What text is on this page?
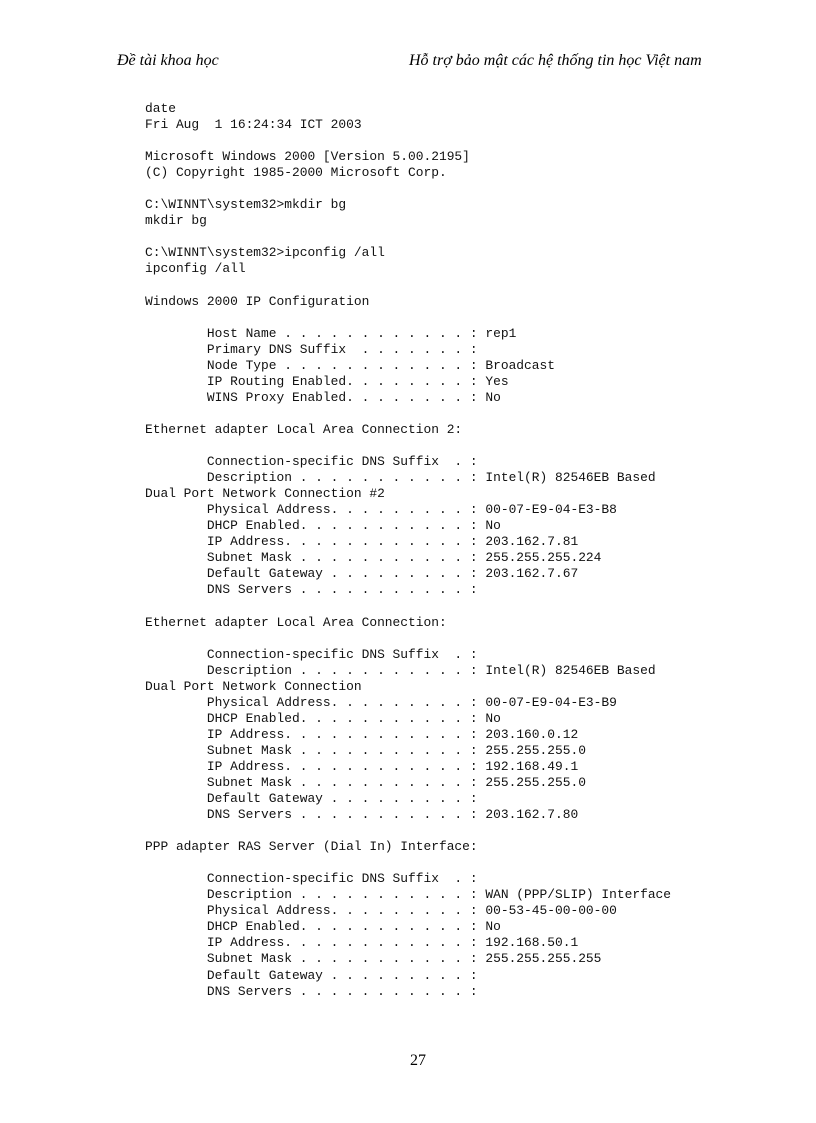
Đề tài khoa học	Hỗ trợ bảo mật các hệ thống tin học Việt nam
date
Fri Aug  1 16:24:34 ICT 2003

Microsoft Windows 2000 [Version 5.00.2195]
(C) Copyright 1985-2000 Microsoft Corp.

C:\WINNT\system32>mkdir bg
mkdir bg

C:\WINNT\system32>ipconfig /all
ipconfig /all

Windows 2000 IP Configuration

Host Name . . . . . . . . . . . . : rep1
Primary DNS Suffix  . . . . . . . :
Node Type . . . . . . . . . . . . : Broadcast
IP Routing Enabled. . . . . . . . : Yes
WINS Proxy Enabled. . . . . . . . : No

Ethernet adapter Local Area Connection 2:

Connection-specific DNS Suffix  . :
Description . . . . . . . . . . . : Intel(R) 82546EB Based
Dual Port Network Connection #2
Physical Address. . . . . . . . . : 00-07-E9-04-E3-B8
DHCP Enabled. . . . . . . . . . . : No
IP Address. . . . . . . . . . . . : 203.162.7.81
Subnet Mask . . . . . . . . . . . : 255.255.255.224
Default Gateway . . . . . . . . . : 203.162.7.67
DNS Servers . . . . . . . . . . . :

Ethernet adapter Local Area Connection:

Connection-specific DNS Suffix  . :
Description . . . . . . . . . . . : Intel(R) 82546EB Based
Dual Port Network Connection
Physical Address. . . . . . . . . : 00-07-E9-04-E3-B9
DHCP Enabled. . . . . . . . . . . : No
IP Address. . . . . . . . . . . . : 203.160.0.12
Subnet Mask . . . . . . . . . . . : 255.255.255.0
IP Address. . . . . . . . . . . . : 192.168.49.1
Subnet Mask . . . . . . . . . . . : 255.255.255.0
Default Gateway . . . . . . . . . :
DNS Servers . . . . . . . . . . . : 203.162.7.80

PPP adapter RAS Server (Dial In) Interface:

Connection-specific DNS Suffix  . :
Description . . . . . . . . . . . : WAN (PPP/SLIP) Interface
Physical Address. . . . . . . . . : 00-53-45-00-00-00
DHCP Enabled. . . . . . . . . . . : No
IP Address. . . . . . . . . . . . : 192.168.50.1
Subnet Mask . . . . . . . . . . . : 255.255.255.255
Default Gateway . . . . . . . . . :
DNS Servers . . . . . . . . . . . :

27
